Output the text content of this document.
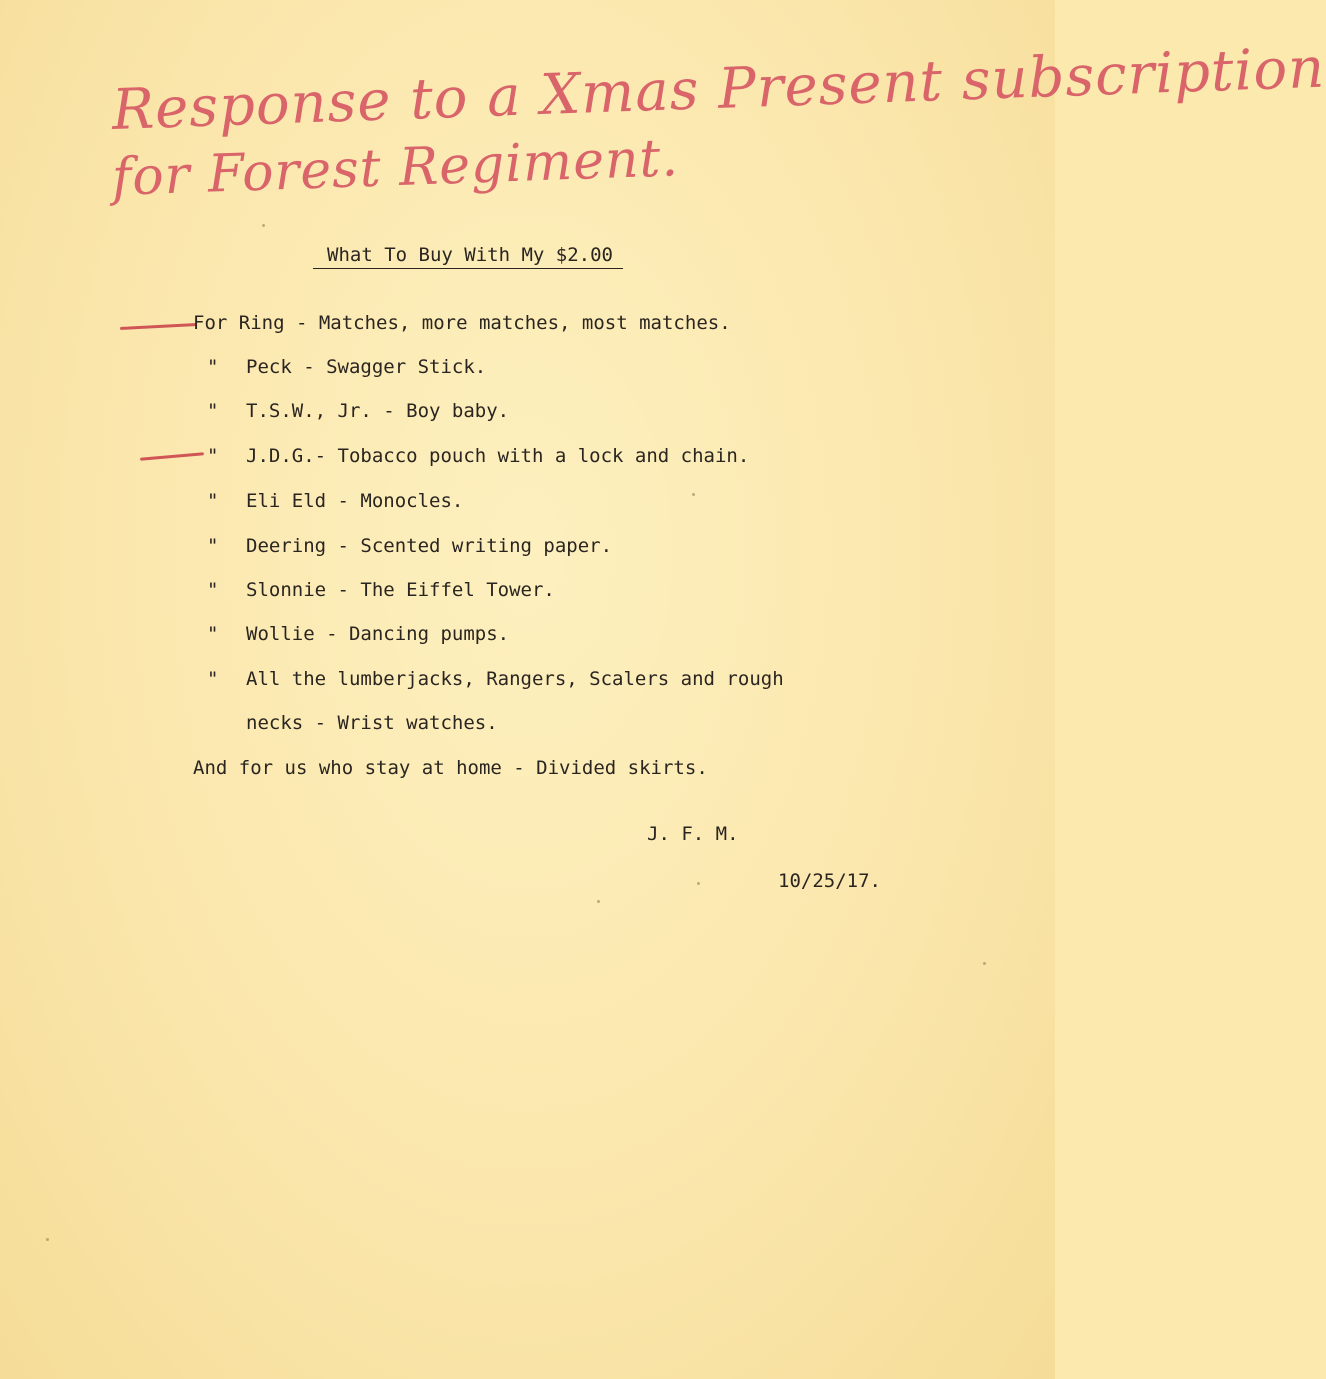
Response to a Xmas Present subscription
for Forest Regiment.
What To Buy With My $2.00
For Ring - Matches, more matches, most matches.
" Peck - Swagger Stick.
" T.S.W., Jr. - Boy baby.
" J.D.G.- Tobacco pouch with a lock and chain.
" Eli Eld - Monocles.
" Deering - Scented writing paper.
" Slonnie - The Eiffel Tower.
" Wollie - Dancing pumps.
" All the lumberjacks, Rangers, Scalers and rough
necks - Wrist watches.
And for us who stay at home - Divided skirts.
J. F. M.
10/25/17.
